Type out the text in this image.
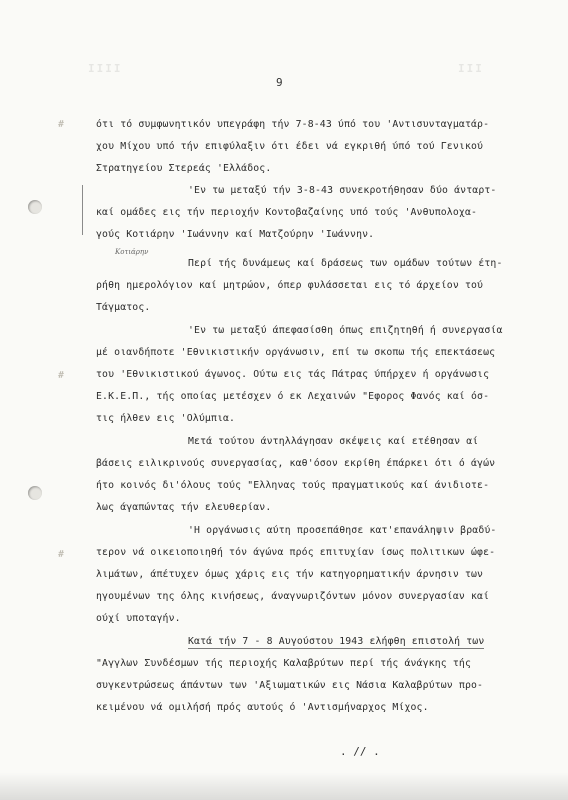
ΙΙΙΙ	ΙΙΙ
#
#
#
9
ότι τό συμφωνητικόν υπεγράφη τήν 7-8-43 ύπό του 'Αντισυνταγματάρ-
χου Μίχου υπό τήν επιφύλαξιν ότι έδει νά εγκριθή ύπό τού Γενικού
Στρατηγείου Στερεάς 'Ελλάδος.
'Εν τω μεταξύ τήν 3-8-43 συνεκροτήθησαν δύο άνταρτ-
καί ομάδες εις τήν περιοχήν Κοντοβαζαίνης υπό τούς 'Ανθυπολοχα-
γούς Κοτιάρην 'Ιωάννην καί Ματζούρην 'Ιωάννην.
Κοτιάρην
Περί τής δυνάμεως καί δράσεως των ομάδων τούτων έτη-
ρήθη ημερολόγιον καί μητρώον, όπερ φυλάσσεται εις τό άρχείον τού
Τάγματος.
'Εν τω μεταξύ άπεφασίσθη όπως επιζητηθή ή συνεργασία
μέ οιανδήποτε 'Εθνικιστικήν οργάνωσιν, επί τω σκοπω τής επεκτάσεως
του 'Εθνικιστικού άγωνος. Ούτω εις τάς Πάτρας ύπήρχεν ή οργάνωσις
Ε.Κ.Ε.Π., τής οποίας μετέσχεν ό εκ Λεχαινών "Εφορος Φανός καί όσ-
τις ήλθεν εις 'Ολύμπια.
Μετά τούτου άντηλλάγησαν σκέψεις καί ετέθησαν αί
βάσεις ειλικρινούς συνεργασίας, καθ'όσον εκρίθη έπάρκει ότι ό άγών
ήτο κοινός δι'όλους τούς "Ελληνας τούς πραγματικούς καί άνιδιοτε-
λως άγαπώντας τήν ελευθερίαν.
'Η οργάνωσις αύτη προσεπάθησε κατ'επανάληψιν βραδύ-
τερον νά οικειοποιηθή τόν άγώνα πρός επιτυχίαν ίσως πολιτικων ώφε-
λιμάτων, άπέτυχεν όμως χάρις εις τήν κατηγορηματικήν άρνησιν των
ηγουμένων της όλης κινήσεως, άναγνωριζόντων μόνον συνεργασίαν καί
ούχί υποταγήν.
Κατά τήν 7 - 8 Αυγούστου 1943 ελήφθη επιστολή των
"Αγγλων Συνδέσμων τής περιοχής Καλαβρύτων περί τής άνάγκης τής
συγκεντρώσεως άπάντων των 'Αξιωματικών εις Νάσια Καλαβρύτων προ-
κειμένου νά ομιλήσή πρός αυτούς ό 'Αντισμήναρχος Μίχος.
. // .
